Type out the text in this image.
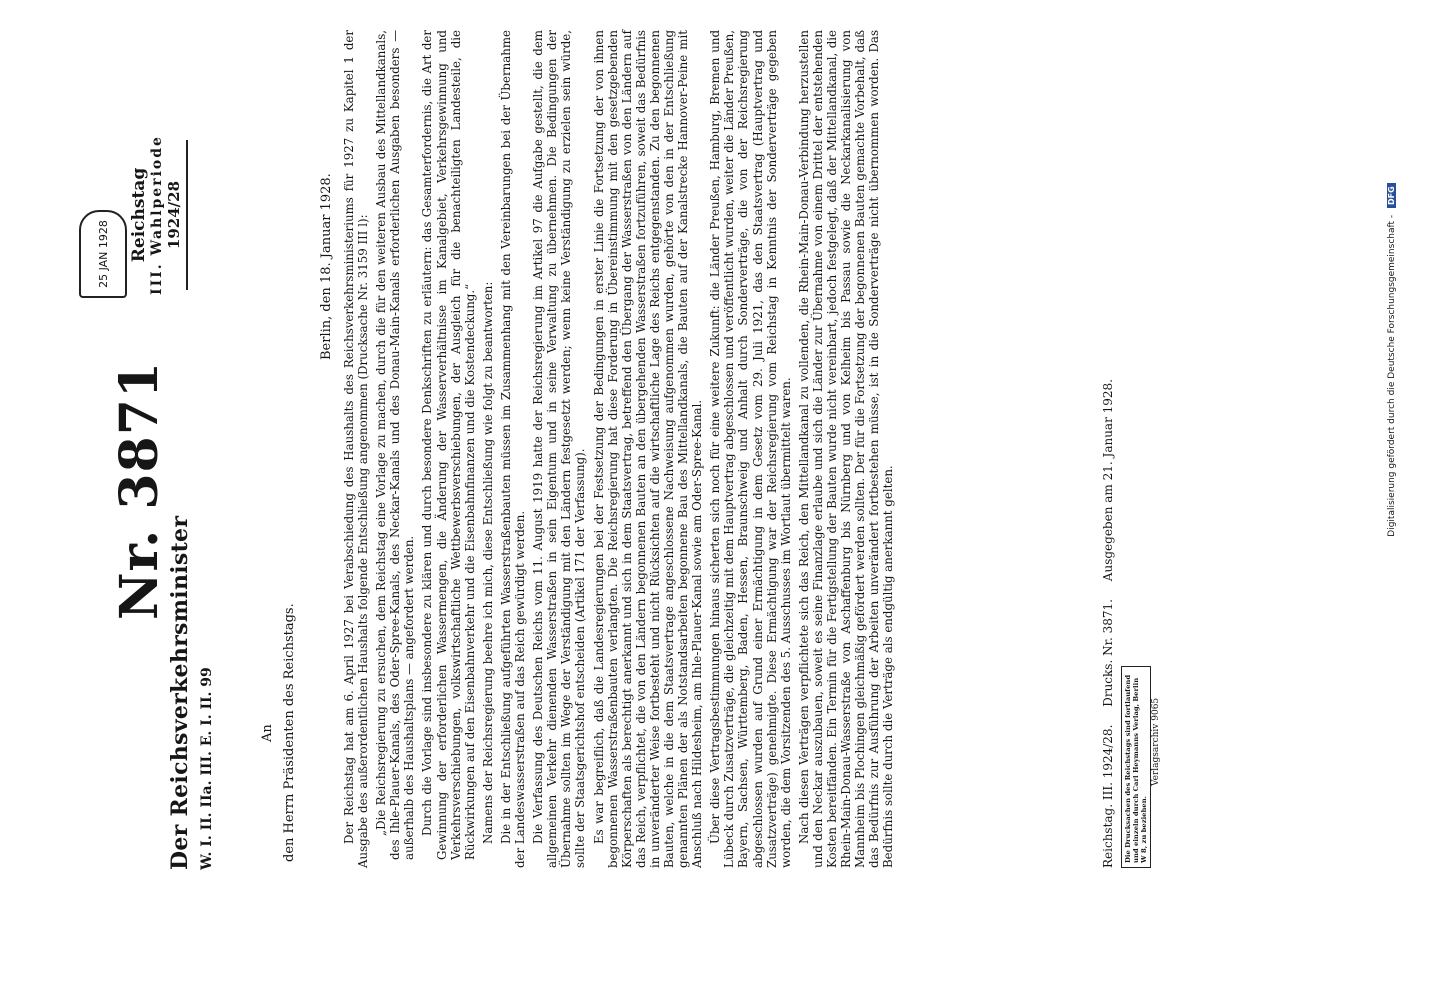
Der Reichsverkehrsminister W. I. II. IIa. III. E. I. II. 99
Nr. 3871
25 JAN 1928 Reichstag III. Wahlperiode 1924/28
An den Herrn Präsidenten des Reichstags.
Berlin, den 18. Januar 1928. Der Reichstag hat am 6. April 1927 bei Verabschiedung des Haushalts des Reichsverkehrsministeriums für 1927 zu Kapitel 1 der Ausgabe des außerordentlichen Haushalts folgende Entschließung angenommen (Drucksache Nr. 3159 III l): „Die Reichsregierung zu ersuchen, dem Reichstag eine Vorlage zu machen, durch die für den weiteren Ausbau des Mittellandkanals, des Ihle-Plauer-Kanals, des Oder-Spree-Kanals, des Neckar-Kanals und des Donau-Main-Kanals erforderlichen Ausgaben besonders — außerhalb des Haushaltsplans — angefordert werden. Durch die Vorlage sind insbesondere zu klären und durch besondere Denkschriften zu erläutern: das Gesamterfordernis, die Art der Gewinnung der erforderlichen Wassermengen, die Änderung der Wasserverhältnisse im Kanalgebiet, Verkehrsgewinnung und Verkehrsverschiebungen, volkswirtschaftliche Wettbewerbsverschiebungen, der Ausgleich für die benachteiligten Landesteile, die Rückwirkungen auf den Eisenbahnverkehr und die Eisenbahnfinanzen und die Kostendeckung.“ Namens der Reichsregierung beehre ich mich, diese Entschließung wie folgt zu beantworten: Die in der Entschließung aufgeführten Wasserstraßenbauten müssen im Zusammenhang mit den Vereinbarungen bei der Übernahme der Landeswasserstraßen auf das Reich gewürdigt werden. Die Verfassung des Deutschen Reichs vom 11. August 1919 hatte der Reichsregierung im Artikel 97 die Aufgabe gestellt, die dem allgemeinen Verkehr dienenden Wasserstraßen in sein Eigentum und in seine Verwaltung zu übernehmen. Die Bedingungen der Übernahme sollten im Wege der Verständigung mit den Ländern festgesetzt werden; wenn keine Verständigung zu erzielen sein würde, sollte der Staatsgerichtshof entscheiden (Artikel 171 der Verfassung). Es war begreiflich, daß die Landesregierungen bei der Festsetzung der Bedingungen in erster Linie die Fortsetzung der von ihnen begonnenen Wasserstraßenbauten verlangten. Die Reichsregierung hat diese Forderung in Übereinstimmung mit den gesetzgebenden Körperschaften als berechtigt anerkannt und sich in dem Staatsvertrag, betreffend den Übergang der Wasserstraßen von den Ländern auf das Reich, verpflichtet, die von den Ländern begonnenen Bauten an den übergehenden Wasserstraßen fortzuführen, soweit das Bedürfnis in unveränderter Weise fortbesteht und nicht Rücksichten auf die wirtschaftliche Lage des Reichs entgegenstanden. Zu den begonnenen Bauten, welche in die dem Staatsvertrage angeschlossene Nachweisung aufgenommen wurden, gehörte von den in der Entschließung genannten Plänen der als Notstandsarbeiten begonnene Bau des Mittellandkanals, die Bauten auf der Kanalstrecke Hannover-Peine mit Anschluß nach Hildesheim, am Ihle-Plauer-Kanal sowie am Oder-Spree-Kanal. Über diese Vertragsbestimmungen hinaus sicherten sich noch für eine weitere Zukunft: die Länder Preußen, Hamburg, Bremen und Lübeck durch Zusatzverträge, die gleichzeitig mit dem Hauptvertrag abgeschlossen und veröffentlicht wurden, weiter die Länder Preußen, Bayern, Sachsen, Württemberg, Baden, Hessen, Braunschweig und Anhalt durch Sonderverträge, die von der Reichsregierung abgeschlossen wurden auf Grund einer Ermächtigung in dem Gesetz vom 29. Juli 1921, das den Staatsvertrag (Hauptvertrag und Zusatzverträge) genehmigte. Diese Ermächtigung war der Reichsregierung vom Reichstag in Kenntnis der Sonderverträge gegeben worden, die dem Vorsitzenden des 5. Ausschusses im Wortlaut übermittelt waren. Nach diesen Verträgen verpflichtete sich das Reich, den Mittellandkanal zu vollenden, die Rhein-Main-Donau-Verbindung herzustellen und den Neckar auszubauen, soweit es seine Finanzlage erlaube und sich die Länder zur Übernahme von einem Drittel der entstehenden Kosten bereitfänden. Ein Termin für die Fertigstellung der Bauten wurde nicht vereinbart, jedoch festgelegt, daß der Mittellandkanal, die Rhein-Main-Donau-Wasserstraße von Aschaffenburg bis Nürnberg und von Kelheim bis Passau sowie die Neckarkanalisierung von Mannheim bis Plochingen gleichmäßig gefördert werden sollten. Der für die Fortsetzung der begonnenen Bauten gemachte Vorbehalt, daß das Bedürfnis zur Ausführung der Arbeiten unverändert fortbestehen müsse, ist in die Sonderverträge nicht übernommen worden. Das Bedürfnis sollte durch die Verträge als endgültig anerkannt gelten.	Reichstag. III. 1924/28. Drucks. Nr. 3871. Ausgegeben am 21. Januar 1928.
Die Drucksachen des Reichstags sind fortlaufend und einzeln durch Carl Heymanns Verlag, Berlin W 8, zu beziehen.
Verlagsarchiv 9065
Digitalisierung gefördert durch die Deutsche Forschungsgemeinschaft - DFG
